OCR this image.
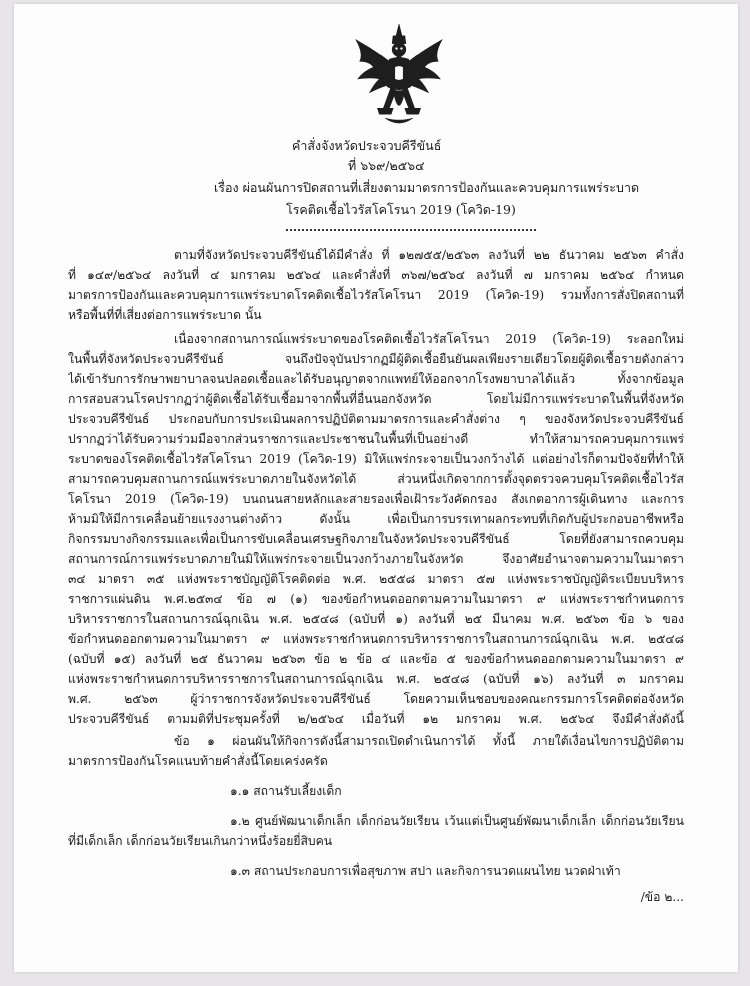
คำสั่งจังหวัดประจวบคีรีขันธ์
ที่ ๖๖๙/๒๕๖๔
เรื่อง ผ่อนผันการปิดสถานที่เสี่ยงตามมาตรการป้องกันและควบคุมการแพร่ระบาด
โรคติดเชื้อไวรัสโคโรนา 2019 (โควิด-19)
ตามที่จังหวัดประจวบคีรีขันธ์ได้มีคำสั่ง ที่ ๑๒๗๕๕/๒๕๖๓ ลงวันที่ ๒๒ ธันวาคม ๒๕๖๓ คำสั่ง
ที่ ๑๔๙/๒๕๖๔ ลงวันที่ ๔ มกราคม ๒๕๖๔ และคำสั่งที่ ๓๖๗/๒๕๖๔ ลงวันที่ ๗ มกราคม ๒๕๖๔ กำหนด
มาตรการป้องกันและควบคุมการแพร่ระบาดโรคติดเชื้อไวรัสโคโรนา 2019 (โควิด-19) รวมทั้งการสั่งปิดสถานที่
หรือพื้นที่ที่เสี่ยงต่อการแพร่ระบาด นั้น
เนื่องจากสถานการณ์แพร่ระบาดของโรคติดเชื้อไวรัสโคโรนา 2019 (โควิด-19) ระลอกใหม่
ในพื้นที่จังหวัดประจวบคีรีขันธ์ จนถึงปัจจุบันปรากฏมีผู้ติดเชื้อยืนยันผลเพียงรายเดียวโดยผู้ติดเชื้อรายดังกล่าว
ได้เข้ารับการรักษาพยาบาลจนปลอดเชื้อและได้รับอนุญาตจากแพทย์ให้ออกจากโรงพยาบาลได้แล้ว ทั้งจากข้อมูล
การสอบสวนโรคปรากฏว่าผู้ติดเชื้อได้รับเชื้อมาจากพื้นที่อื่นนอกจังหวัด โดยไม่มีการแพร่ระบาดในพื้นที่จังหวัด
ประจวบคีรีขันธ์ ประกอบกับการประเมินผลการปฏิบัติตามมาตรการและคำสั่งต่าง ๆ ของจังหวัดประจวบคีรีขันธ์
ปรากฏว่าได้รับความร่วมมือจากส่วนราชการและประชาชนในพื้นที่เป็นอย่างดี ทำให้สามารถควบคุมการแพร่
ระบาดของโรคติดเชื้อไวรัสโคโรนา 2019 (โควิด-19) มิให้แพร่กระจายเป็นวงกว้างได้ แต่อย่างไรก็ตามปัจจัยที่ทำให้
สามารถควบคุมสถานการณ์แพร่ระบาดภายในจังหวัดได้ ส่วนหนึ่งเกิดจากการตั้งจุดตรวจควบคุมโรคติดเชื้อไวรัส
โคโรนา 2019 (โควิด-19) บนถนนสายหลักและสายรองเพื่อเฝ้าระวังคัดกรอง สังเกตอาการผู้เดินทาง และการ
ห้ามมิให้มีการเคลื่อนย้ายแรงงานต่างด้าว ดังนั้น เพื่อเป็นการบรรเทาผลกระทบที่เกิดกับผู้ประกอบอาชีพหรือ
กิจกรรมบางกิจกรรมและเพื่อเป็นการขับเคลื่อนเศรษฐกิจภายในจังหวัดประจวบคีรีขันธ์ โดยที่ยังสามารถควบคุม
สถานการณ์การแพร่ระบาดภายในมิให้แพร่กระจายเป็นวงกว้างภายในจังหวัด จึงอาศัยอำนาจตามความในมาตรา
๓๔ มาตรา ๓๕ แห่งพระราชบัญญัติโรคติดต่อ พ.ศ. ๒๕๕๘ มาตรา ๕๗ แห่งพระราชบัญญัติระเบียบบริหาร
ราชการแผ่นดิน พ.ศ.๒๕๓๔ ข้อ ๗ (๑) ของข้อกำหนดออกตามความในมาตรา ๙ แห่งพระราชกำหนดการ
บริหารราชการในสถานการณ์ฉุกเฉิน พ.ศ. ๒๕๔๘ (ฉบับที่ ๑) ลงวันที่ ๒๕ มีนาคม พ.ศ. ๒๕๖๓ ข้อ ๖ ของ
ข้อกำหนดออกตามความในมาตรา ๙ แห่งพระราชกำหนดการบริหารราชการในสถานการณ์ฉุกเฉิน พ.ศ. ๒๕๔๘
(ฉบับที่ ๑๕) ลงวันที่ ๒๕ ธันวาคม ๒๕๖๓ ข้อ ๒ ข้อ ๔ และข้อ ๕ ของข้อกำหนดออกตามความในมาตรา ๙
แห่งพระราชกำหนดการบริหารราชการในสถานการณ์ฉุกเฉิน พ.ศ. ๒๕๔๘ (ฉบับที่ ๑๖) ลงวันที่ ๓ มกราคม
พ.ศ. ๒๕๖๓ ผู้ว่าราชการจังหวัดประจวบคีรีขันธ์ โดยความเห็นชอบของคณะกรรมการโรคติดต่อจังหวัด
ประจวบคีรีขันธ์ ตามมติที่ประชุมครั้งที่ ๒/๒๕๖๔ เมื่อวันที่ ๑๒ มกราคม พ.ศ. ๒๕๖๔ จึงมีคำสั่งดังนี้
ข้อ ๑ ผ่อนผันให้กิจการดังนี้สามารถเปิดดำเนินการได้ ทั้งนี้ ภายใต้เงื่อนไขการปฏิบัติตาม
มาตรการป้องกันโรคแนบท้ายคำสั่งนี้โดยเคร่งครัด
๑.๑ สถานรับเลี้ยงเด็ก
๑.๒ ศูนย์พัฒนาเด็กเล็ก เด็กก่อนวัยเรียน เว้นแต่เป็นศูนย์พัฒนาเด็กเล็ก เด็กก่อนวัยเรียน
ที่มีเด็กเล็ก เด็กก่อนวัยเรียนเกินกว่าหนึ่งร้อยยี่สิบคน
๑.๓ สถานประกอบการเพื่อสุขภาพ สปา และกิจการนวดแผนไทย นวดฝ่าเท้า
/ข้อ ๒...
